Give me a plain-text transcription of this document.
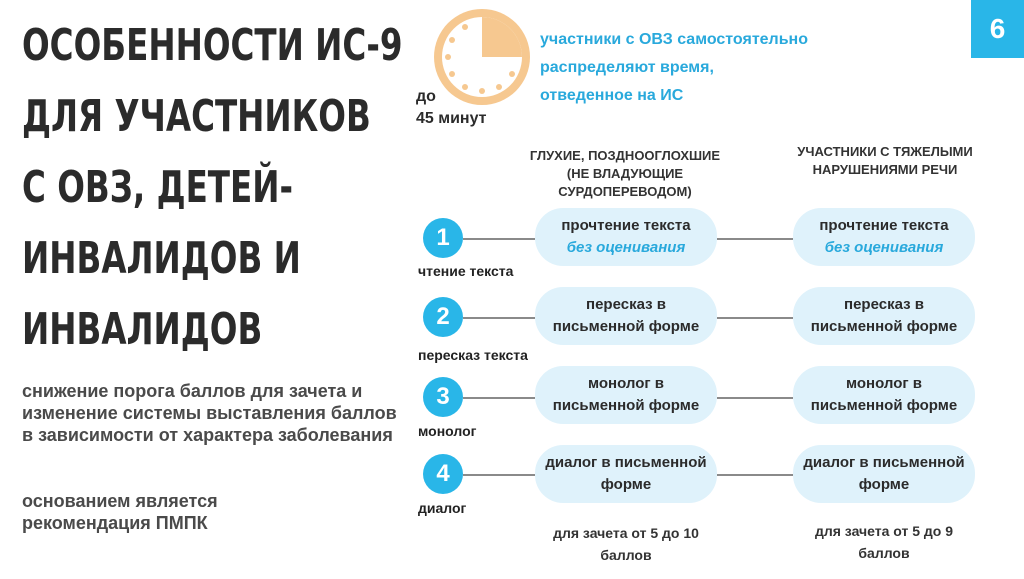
ОСОБЕННОСТИ ИС-9
ДЛЯ УЧАСТНИКОВ
С ОВЗ, ДЕТЕЙ-
ИНВАЛИДОВ И
ИНВАЛИДОВ
снижение порога баллов для зачета и изменение системы выставления баллов в зависимости от характера заболевания
основанием является рекомендация ПМПК
6
до
45 минут
участники с ОВЗ самостоятельно
распределяют время,
отведенное на ИС
ГЛУХИЕ, ПОЗДНООГЛОХШИЕ
(НЕ ВЛАДУЮЩИЕ СУРДОПЕРЕВОДОМ)
УЧАСТНИКИ С ТЯЖЕЛЫМИ
НАРУШЕНИЯМИ РЕЧИ
1
чтение текста
прочтение текста
без оценивания
прочтение текста
без оценивания
2
пересказ текста
пересказ в
письменной форме
пересказ в
письменной форме
3
монолог
монолог в
письменной форме
монолог в
письменной форме
4
диалог
диалог в письменной
форме
диалог в письменной
форме
для зачета от 5 до 10
баллов
для зачета от 5 до 9
баллов
